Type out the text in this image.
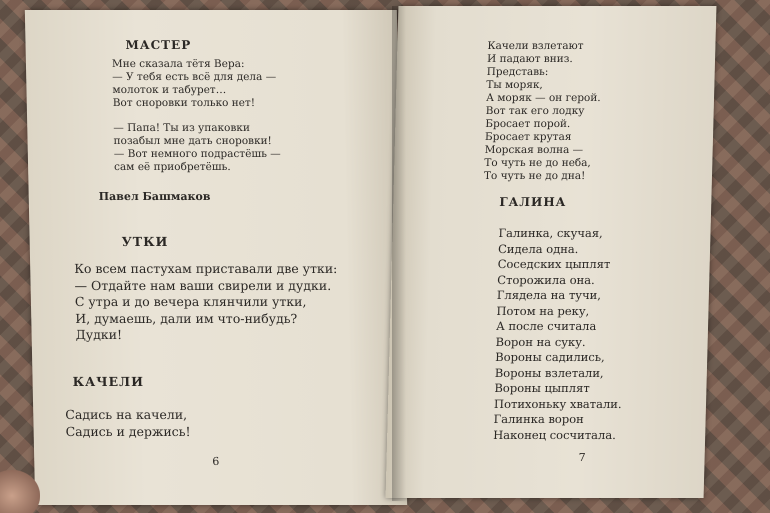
МАСТЕР
Мне сказала тётя Вера:
— У тебя есть всё для дела —
молоток и табурет…
Вот сноровки только нет!
— Папа! Ты из упаковки
позабыл мне дать сноровки!
— Вот немного подрастёшь —
сам её приобретёшь.
Павел Башмаков
УТКИ
Ко всем пастухам приставали две утки:
— Отдайте нам ваши свирели и дудки.
С утра и до вечера клянчили утки,
И, думаешь, дали им что-нибудь?
Дудки!
КАЧЕЛИ
Садись на качели,
Садись и держись!
6
Качели взлетают
И падают вниз.
Представь:
Ты моряк,
А моряк — он герой.
Вот так его лодку
Бросает порой.
Бросает крутая
Морская волна —
То чуть не до неба,
То чуть не до дна!
ГАЛИНА
Галинка, скучая,
Сидела одна.
Соседских цыплят
Сторожила она.
Глядела на тучи,
Потом на реку,
А после считала
Ворон на суку.
Вороны садились,
Вороны взлетали,
Вороны цыплят
Потихоньку хватали.
Галинка ворон
Наконец сосчитала.
7
